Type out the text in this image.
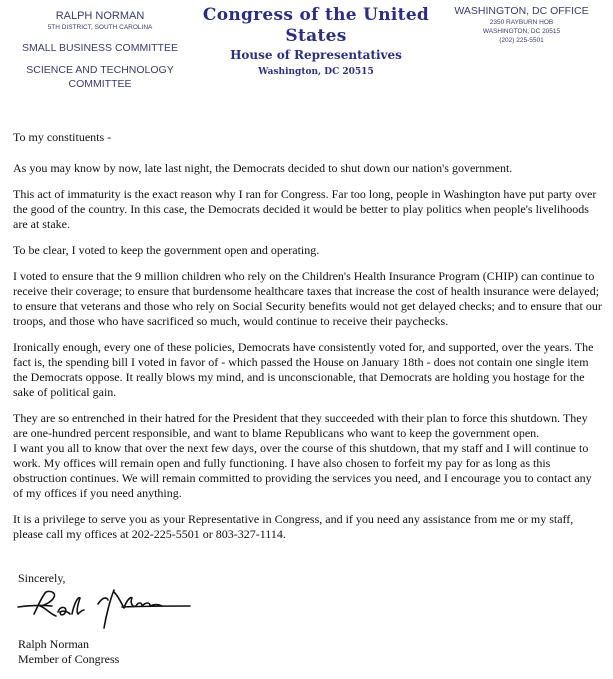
RALPH NORMAN
5TH DISTRICT, SOUTH CAROLINA
SMALL BUSINESS COMMITTEE
SCIENCE AND TECHNOLOGY
COMMITTEE
Congress of the United States
House of Representatives
Washington, DC 20515
WASHINGTON, DC OFFICE
2350 RAYBURN HOB
WASHINGTON, DC 20515
(202) 225-5501

To my constituents -

As you may know by now, late last night, the Democrats decided to shut down our nation's government.

This act of immaturity is the exact reason why I ran for Congress. Far too long, people in Washington have put party over the good of the country. In this case, the Democrats decided it would be better to play politics when people's livelihoods are at stake.

To be clear, I voted to keep the government open and operating.

I voted to ensure that the 9 million children who rely on the Children's Health Insurance Program (CHIP) can continue to receive their coverage; to ensure that burdensome healthcare taxes that increase the cost of health insurance were delayed; to ensure that veterans and those who rely on Social Security benefits would not get delayed checks; and to ensure that our troops, and those who have sacrificed so much, would continue to receive their paychecks.

Ironically enough, every one of these policies, Democrats have consistently voted for, and supported, over the years. The fact is, the spending bill I voted in favor of - which passed the House on January 18th - does not contain one single item the Democrats oppose. It really blows my mind, and is unconscionable, that Democrats are holding you hostage for the sake of political gain.

They are so entrenched in their hatred for the President that they succeeded with their plan to force this shutdown. They are one-hundred percent responsible, and want to blame Republicans who want to keep the government open.

I want you all to know that over the next few days, over the course of this shutdown, that my staff and I will continue to work. My offices will remain open and fully functioning. I have also chosen to forfeit my pay for as long as this obstruction continues. We will remain committed to providing the services you need, and I encourage you to contact any of my offices if you need anything.

It is a privilege to serve you as your Representative in Congress, and if you need any assistance from me or my staff, please call my offices at 202-225-5501 or 803-327-1114.

Sincerely,
Ralph Norman
Member of Congress
